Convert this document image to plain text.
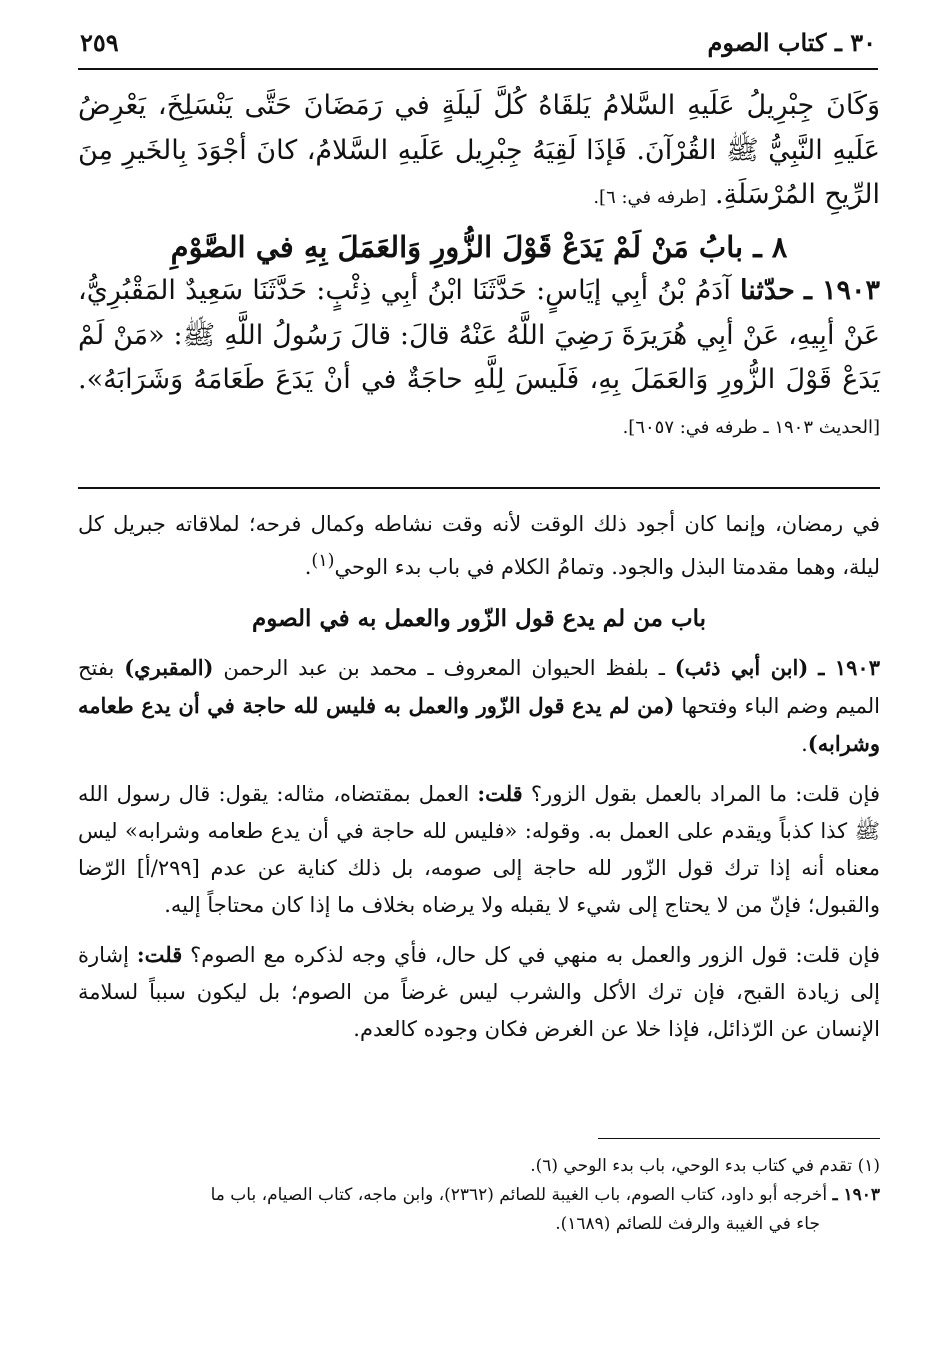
٣٠ ـ كتاب الصوم
٢٥٩

وَكَانَ جِبْرِيلُ عَلَيهِ السَّلامُ يَلقَاهُ كُلَّ لَيلَةٍ في رَمَضَانَ حَتَّى يَنْسَلِخَ، يَعْرِضُ عَلَيهِ النَّبِيُّ ﷺ القُرْآنَ. فَإذَا لَقِيَهُ جِبْرِيل عَلَيهِ السَّلامُ، كانَ أجْوَدَ بِالخَيرِ مِنَ الرِّيحِ المُرْسَلَةِ. [طرفه في: ٦].

٨ ـ بابُ مَنْ لَمْ يَدَعْ قَوْلَ الزُّورِ وَالعَمَلَ بِهِ في الصَّوْمِ

١٩٠٣ ـ حدّثنا آدَمُ بْنُ أبِي إيَاسٍ: حَدَّثَنَا ابْنُ أبِي ذِئْبٍ: حَدَّثَنَا سَعِيدٌ المَقْبُرِيُّ، عَنْ أبِيهِ، عَنْ أبِي هُرَيرَةَ رَضِيَ اللَّهُ عَنْهُ قالَ: قالَ رَسُولُ اللَّهِ ﷺ: «مَنْ لَمْ يَدَعْ قَوْلَ الزُّورِ وَالعَمَلَ بِهِ، فَلَيسَ لِلَّهِ حاجَةٌ في أنْ يَدَعَ طَعَامَهُ وَشَرَابَهُ». [الحديث ١٩٠٣ ـ طرفه في: ٦٠٥٧].

في رمضان، وإنما كان أجود ذلك الوقت لأنه وقت نشاطه وكمال فرحه؛ لملاقاته جبريل كل ليلة، وهما مقدمتا البذل والجود. وتمامُ الكلام في باب بدء الوحي$^{(١)}$.

باب من لم يدع قول الزّور والعمل به في الصوم

١٩٠٣ ـ (ابن أبي ذئب) ـ بلفظ الحيوان المعروف ـ محمد بن عبد الرحمن (المقبري) بفتح الميم وضم الباء وفتحها (من لم يدع قول الزّور والعمل به فليس لله حاجة في أن يدع طعامه وشرابه).

فإن قلت: ما المراد بالعمل بقول الزور؟ قلت: العمل بمقتضاه، مثاله: يقول: قال رسول الله ﷺ كذا كذباً ويقدم على العمل به. وقوله: «فليس لله حاجة في أن يدع طعامه وشرابه» ليس معناه أنه إذا ترك قول الزّور لله حاجة إلى صومه، بل ذلك كناية عن عدم [٢٩٩/أ] الرّضا والقبول؛ فإنّ من لا يحتاج إلى شيء لا يقبله ولا يرضاه بخلاف ما إذا كان محتاجاً إليه.

فإن قلت: قول الزور والعمل به منهي في كل حال، فأي وجه لذكره مع الصوم؟ قلت: إشارة إلى زيادة القبح، فإن ترك الأكل والشرب ليس غرضاً من الصوم؛ بل ليكون سبباً لسلامة الإنسان عن الرّذائل، فإذا خلا عن الغرض فكان وجوده كالعدم.

(١) تقدم في كتاب بدء الوحي، باب بدء الوحي (٦).

١٩٠٣ ـ أخرجه أبو داود، كتاب الصوم، باب الغيبة للصائم (٢٣٦٢)، وابن ماجه، كتاب الصيام، باب ما
جاء في الغيبة والرفث للصائم (١٦٨٩).
